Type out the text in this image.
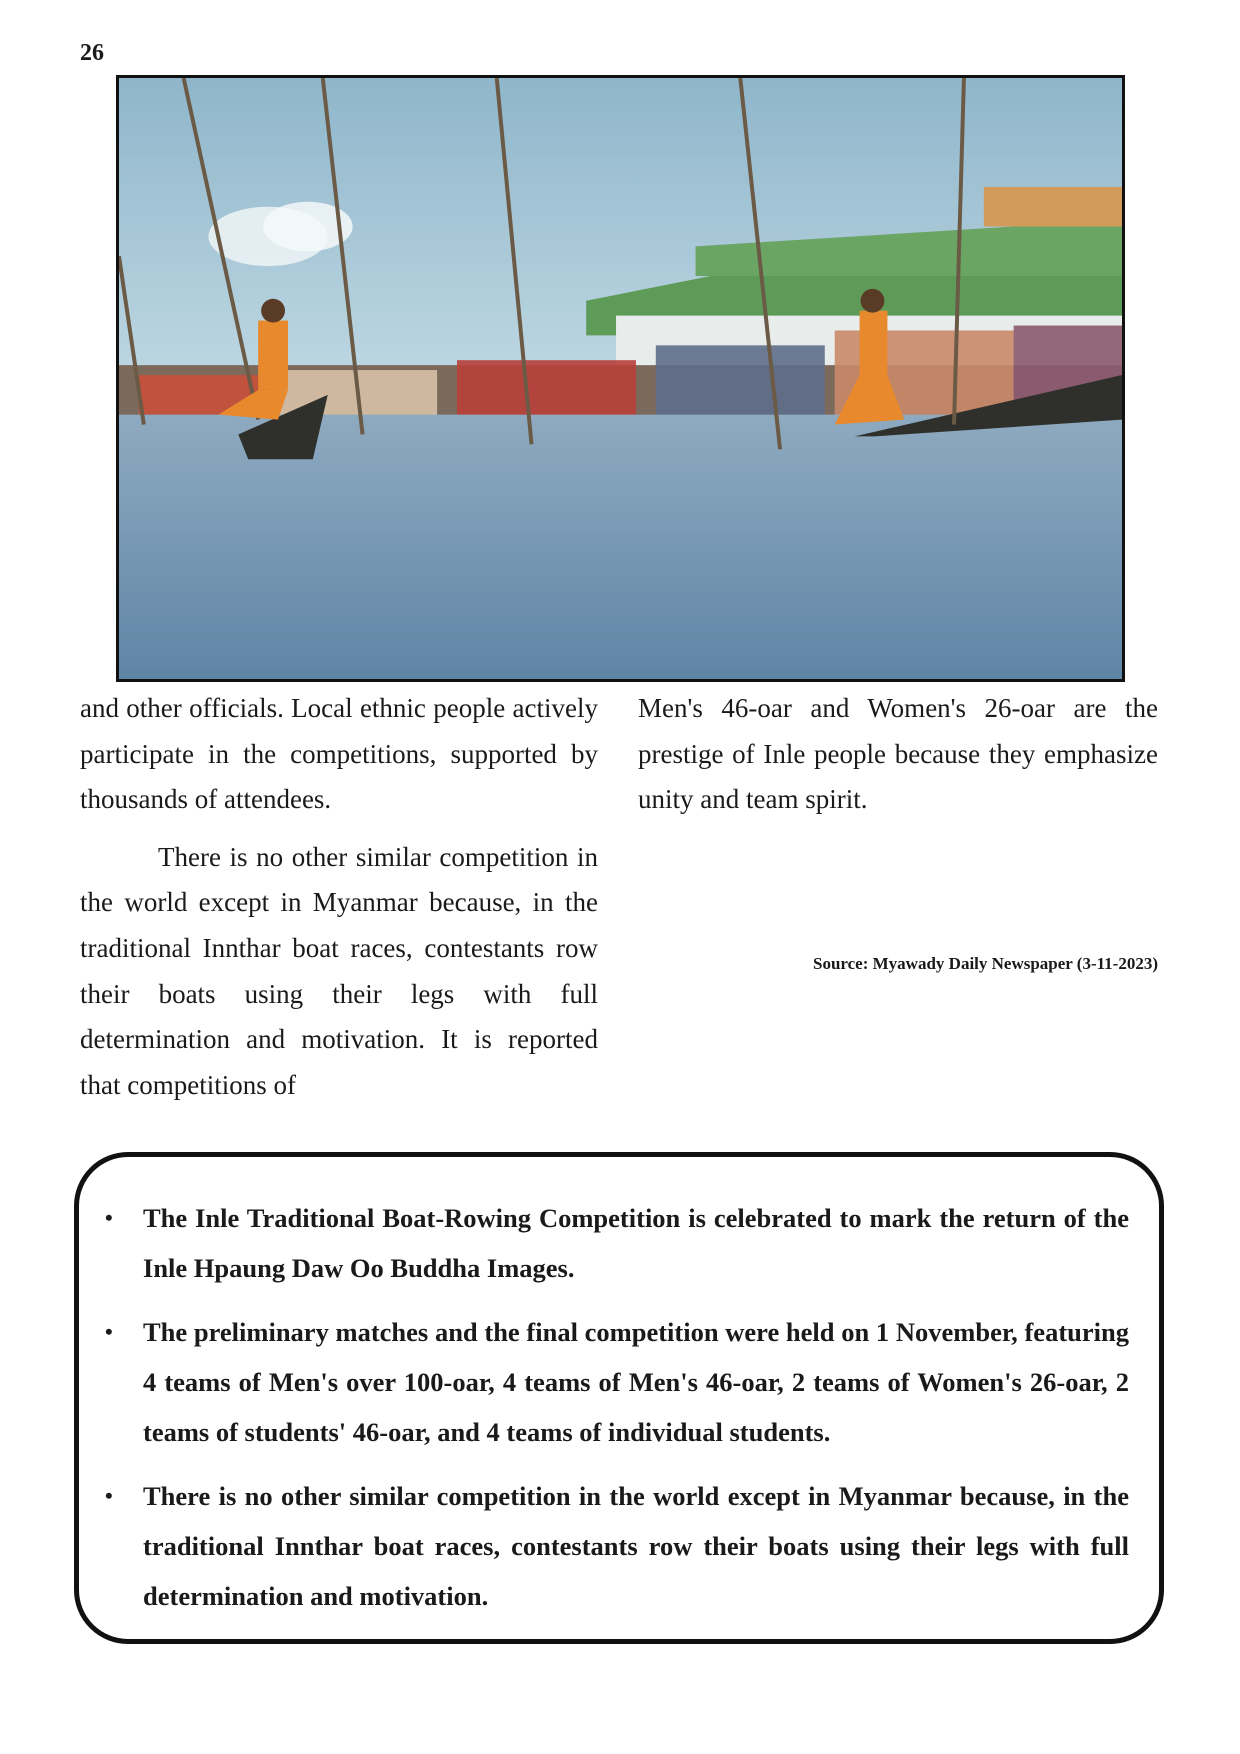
26

and other officials. Local ethnic people actively participate in the competitions, supported by thousands of attendees.

There is no other similar competition in the world except in Myanmar because, in the traditional Innthar boat races, contestants row their boats using their legs with full determination and motivation. It is reported that competitions of

Men's 46-oar and Women's 26-oar are the prestige of Inle people because they emphasize unity and team spirit.

Source: Myawady Daily Newspaper (3-11-2023)
• The Inle Traditional Boat-Rowing Competition is celebrated to mark the return of the Inle Hpaung Daw Oo Buddha Images.
• The preliminary matches and the final competition were held on 1 November, featuring 4 teams of Men's over 100-oar, 4 teams of Men's 46-oar, 2 teams of Women's 26-oar, 2 teams of students' 46-oar, and 4 teams of individual students.
• There is no other similar competition in the world except in Myanmar because, in the traditional Innthar boat races, contestants row their boats using their legs with full determination and motivation.
